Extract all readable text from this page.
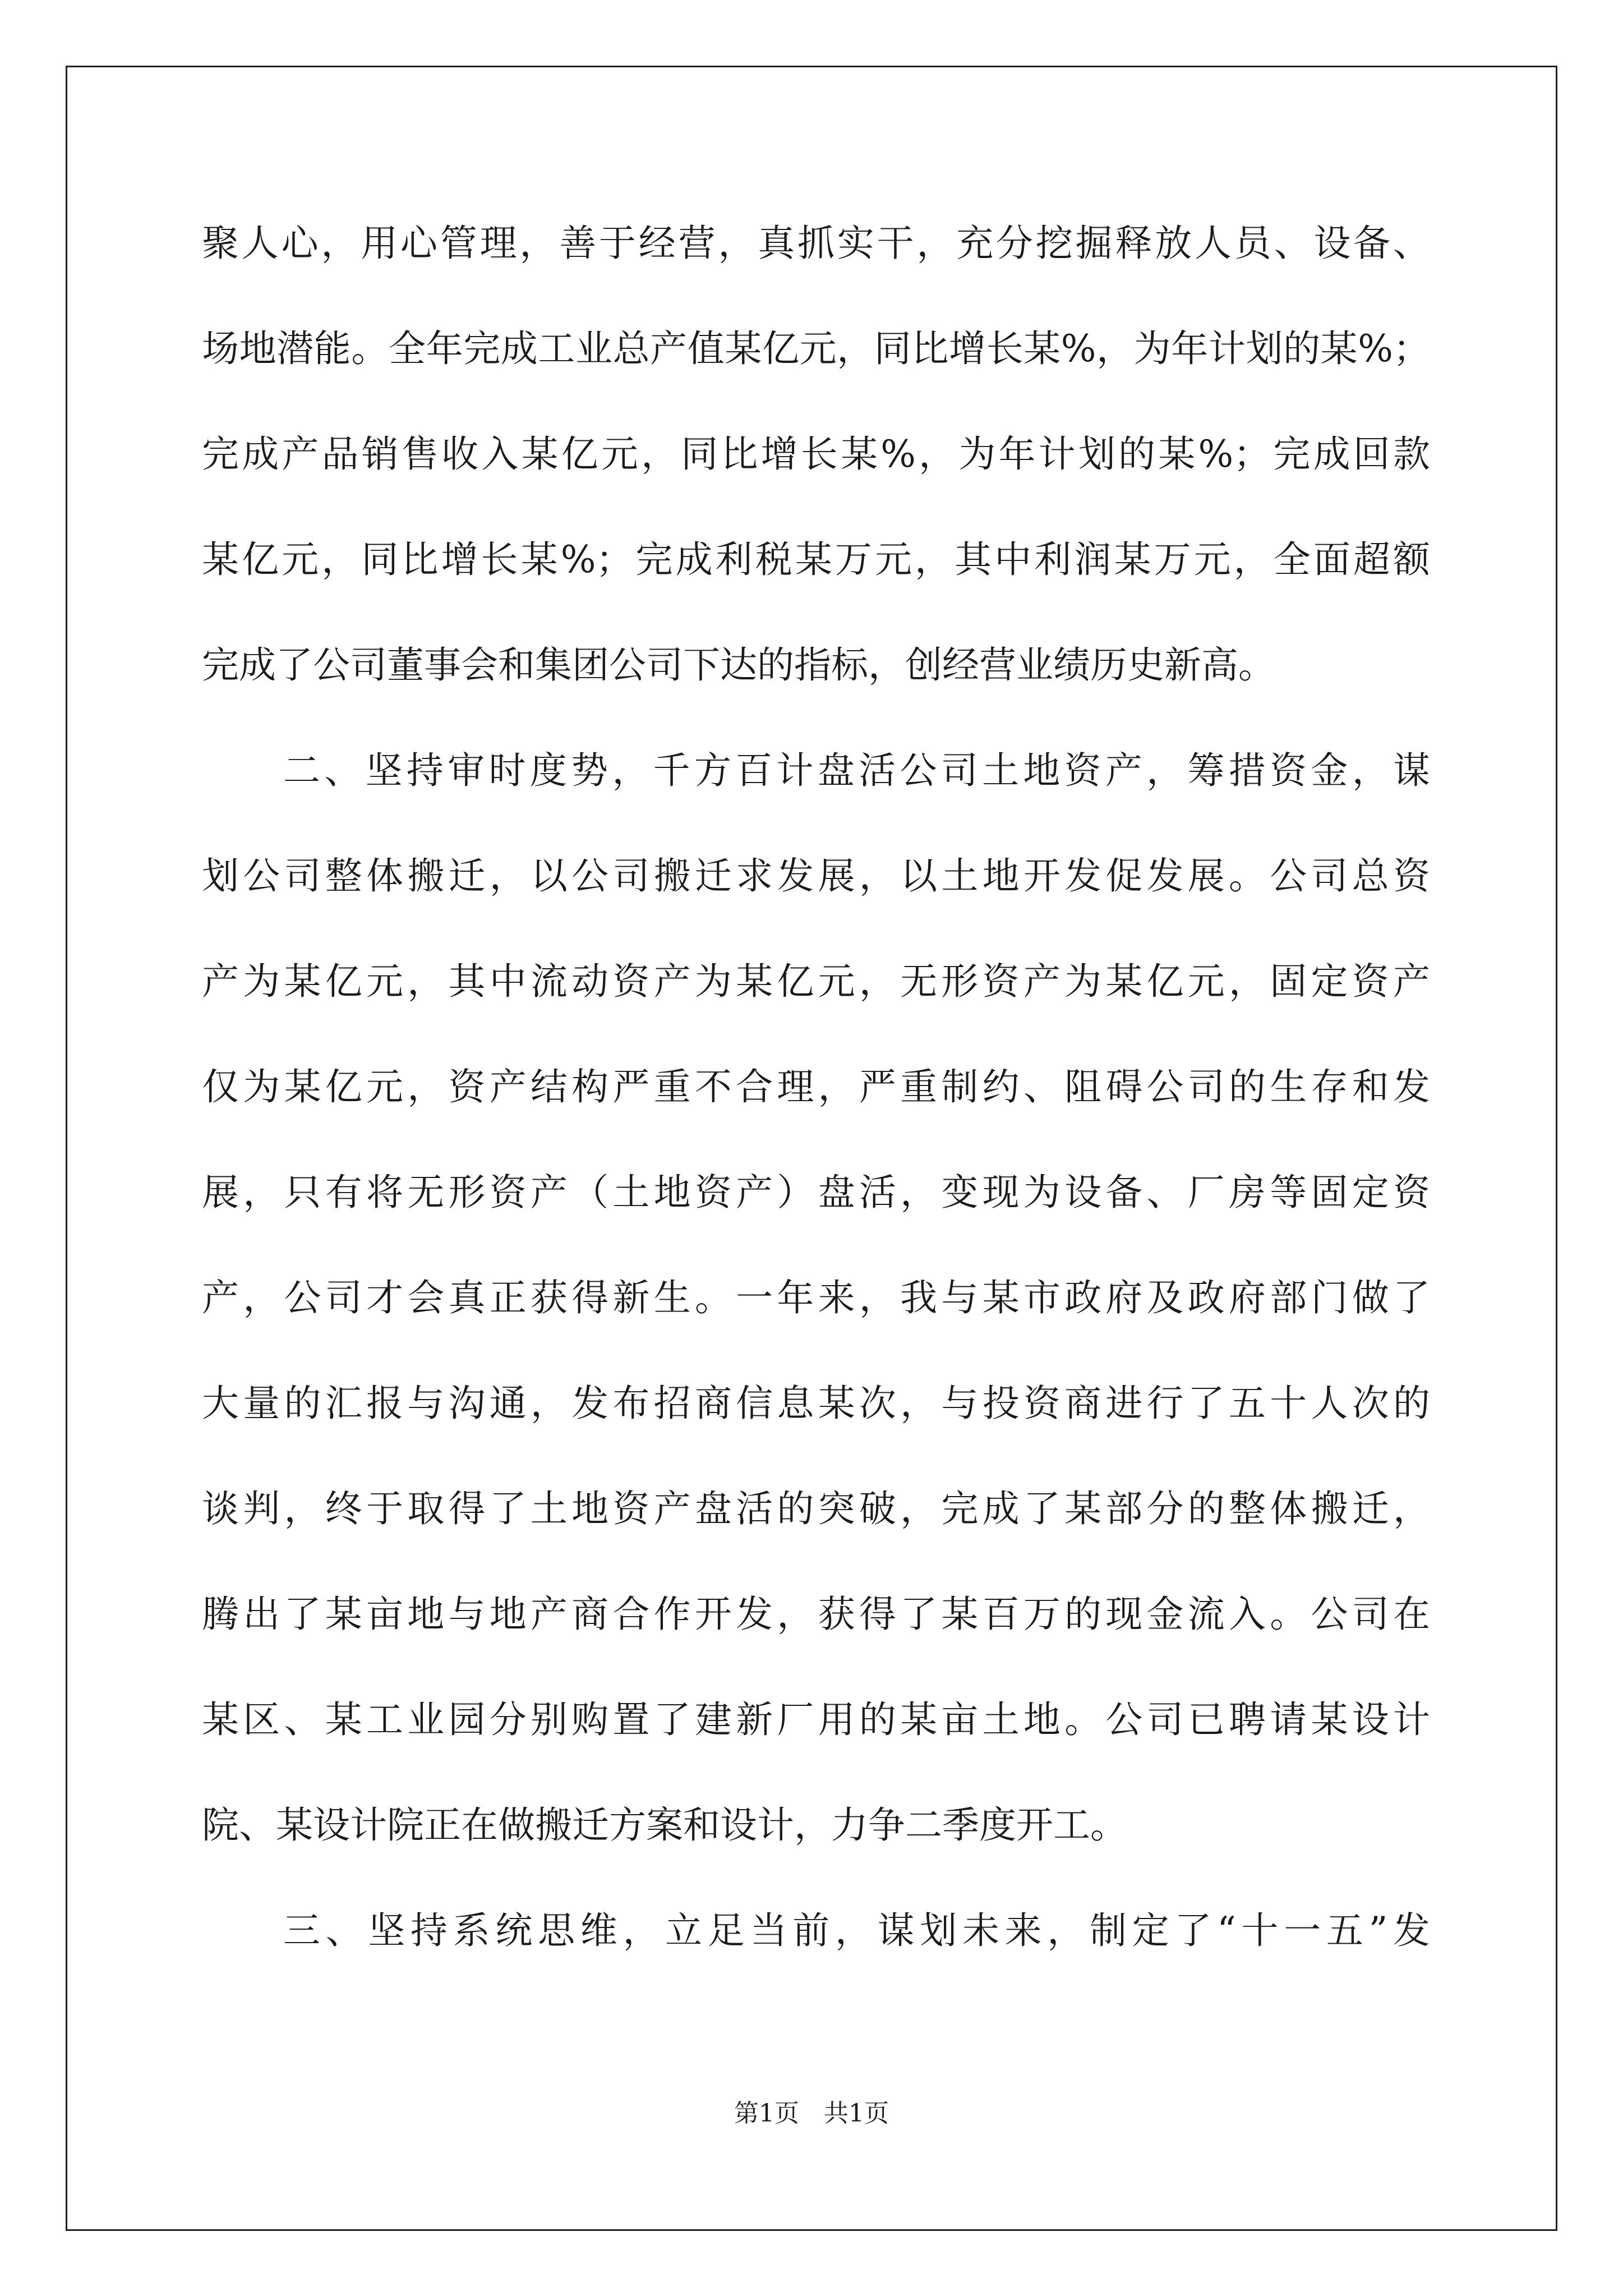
聚人心，用心管理，善于经营，真抓实干，充分挖掘释放人员、设备、
场地潜能。全年完成工业总产值某亿元，同比增长某%，为年计划的某%；
完成产品销售收入某亿元，同比增长某%，为年计划的某%；完成回款
某亿元，同比增长某%；完成利税某万元，其中利润某万元，全面超额
完成了公司董事会和集团公司下达的指标，创经营业绩历史新高。
二、坚持审时度势，千方百计盘活公司土地资产，筹措资金，谋
划公司整体搬迁，以公司搬迁求发展，以土地开发促发展。公司总资
产为某亿元，其中流动资产为某亿元，无形资产为某亿元，固定资产
仅为某亿元，资产结构严重不合理，严重制约、阻碍公司的生存和发
展，只有将无形资产（土地资产）盘活，变现为设备、厂房等固定资
产，公司才会真正获得新生。一年来，我与某市政府及政府部门做了
大量的汇报与沟通，发布招商信息某次，与投资商进行了五十人次的
谈判，终于取得了土地资产盘活的突破，完成了某部分的整体搬迁，
腾出了某亩地与地产商合作开发，获得了某百万的现金流入。公司在
某区、某工业园分别购置了建新厂用的某亩土地。公司已聘请某设计
院、某设计院正在做搬迁方案和设计，力争二季度开工。
三、坚持系统思维，立足当前，谋划未来，制定了“十一五”发
第1页　共1页
